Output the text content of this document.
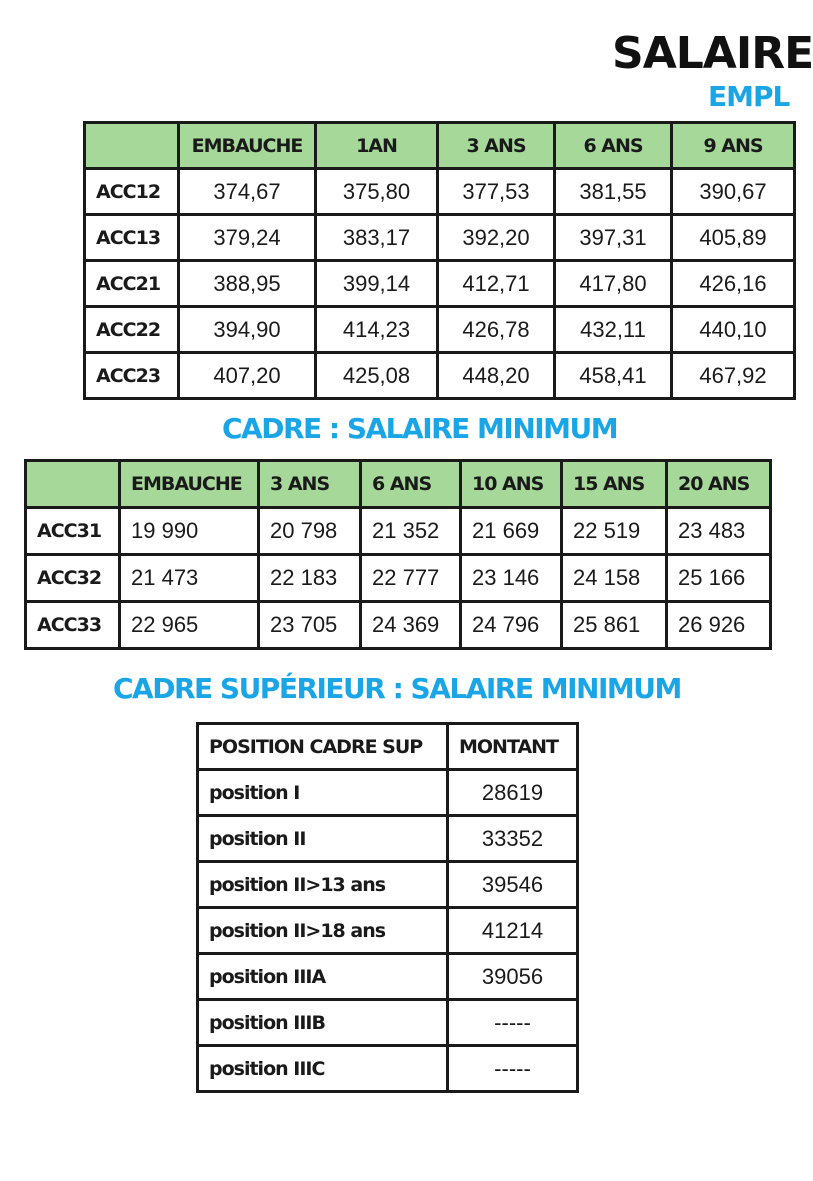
SALAIRE
EMPL
	EMBAUCHE	1AN	3 ANS	6 ANS	9 ANS
ACC12	374,67	375,80	377,53	381,55	390,67
ACC13	379,24	383,17	392,20	397,31	405,89
ACC21	388,95	399,14	412,71	417,80	426,16
ACC22	394,90	414,23	426,78	432,11	440,10
ACC23	407,20	425,08	448,20	458,41	467,92
CADRE : SALAIRE MINIMUM
	EMBAUCHE	3 ANS	6 ANS	10 ANS	15 ANS	20 ANS
ACC31	19 990	20 798	21 352	21 669	22 519	23 483
ACC32	21 473	22 183	22 777	23 146	24 158	25 166
ACC33	22 965	23 705	24 369	24 796	25 861	26 926
CADRE SUPÉRIEUR : SALAIRE MINIMUM
POSITION CADRE SUP	MONTANT
position I	28619
position II	33352
position II>13 ans	39546
position II>18 ans	41214
position IIIA	39056
position IIIB	-----
position IIIC	-----
